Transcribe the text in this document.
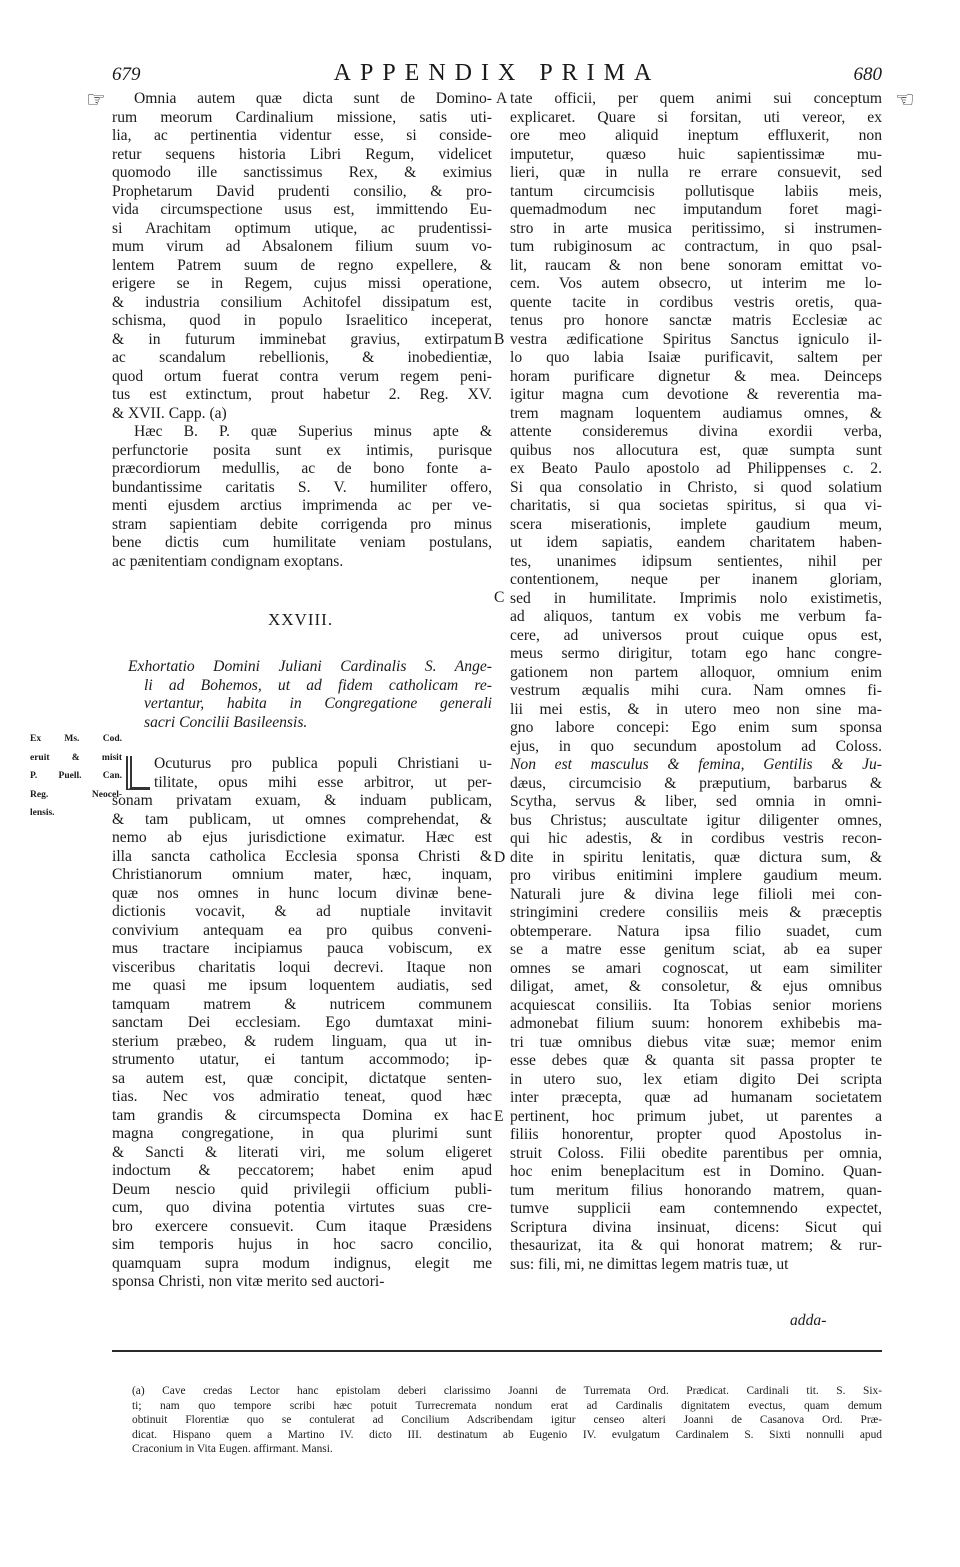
679	APPENDIX PRIMA	680
☞	☞
Omnia autem quæ dicta sunt de Domino-
rum meorum Cardinalium missione, satis uti-
lia, ac pertinentia videntur esse, si conside-
retur sequens historia Libri Regum, videlicet
quomodo ille sanctissimus Rex, & eximius
Prophetarum David prudenti consilio, & pro-
vida circumspectione usus est, immittendo Eu-
si Arachitam optimum utique, ac prudentissi-
mum virum ad Absalonem filium suum vo-
lentem Patrem suum de regno expellere, &
erigere se in Regem, cujus missi operatione,
& industria consilium Achitofel dissipatum est,
schisma, quod in populo Israelitico inceperat,
& in futurum imminebat gravius, extirpatum
ac scandalum rebellionis, & inobedientiæ,
quod ortum fuerat contra verum regem peni-
tus est extinctum, prout habetur 2. Reg. XV.
& XVII. Capp. (a)
Hæc B. P. quæ Superius minus apte &
perfunctorie posita sunt ex intimis, purisque
præcordiorum medullis, ac de bono fonte a-
bundantissime caritatis S. V. humiliter offero,
menti ejusdem arctius imprimenda ac per ve-
stram sapientiam debite corrigenda pro minus
bene dictis cum humilitate veniam postulans,
ac pænitentiam condignam exoptans.
XXVIII.
Exhortatio Domini Juliani Cardinalis S. Ange-
li ad Bohemos, ut ad fidem catholicam re-
vertantur, habita in Congregatione generali
sacri Concilii Basileensis.
Ex Ms. Cod.
eruit & misit
P. Puell. Can.
Reg. Neocel-
lensis.
Ocuturus pro publica populi Christiani u-
tilitate, opus mihi esse arbitror, ut per-
sonam privatam exuam, & induam publicam,
& tam publicam, ut omnes comprehendat, &
nemo ab ejus jurisdictione eximatur. Hæc est
illa sancta catholica Ecclesia sponsa Christi &
Christianorum omnium mater, hæc, inquam,
quæ nos omnes in hunc locum divinæ bene-
dictionis vocavit, & ad nuptiale invitavit
convivium antequam ea pro quibus conveni-
mus tractare incipiamus pauca vobiscum, ex
visceribus charitatis loqui decrevi. Itaque non
me quasi me ipsum loquentem audiatis, sed
tamquam matrem & nutricem communem
sanctam Dei ecclesiam. Ego dumtaxat mini-
sterium præbeo, & rudem linguam, qua ut in-
strumento utatur, ei tantum accommodo; ip-
sa autem est, quæ concipit, dictatque senten-
tias. Nec vos admiratio teneat, quod hæc
tam grandis & circumspecta Domina ex hac
magna congregatione, in qua plurimi sunt
& Sancti & literati viri, me solum eligeret
indoctum & peccatorem; habet enim apud
Deum nescio quid privilegii officium publi-
cum, quo divina potentia virtutes suas cre-
bro exercere consuevit. Cum itaque Præsidens
sim temporis hujus in hoc sacro concilio,
quamquam supra modum indignus, elegit me
sponsa Christi, non vitæ merito sed auctori-
tate officii, per quem animi sui conceptum
explicaret. Quare si forsitan, uti vereor, ex
ore meo aliquid ineptum effluxerit, non
imputetur, quæso huic sapientissimæ mu-
lieri, quæ in nulla re errare consuevit, sed
tantum circumcisis pollutisque labiis meis,
quemadmodum nec imputandum foret magi-
stro in arte musica peritissimo, si instrumen-
tum rubiginosum ac contractum, in quo psal-
lit, raucam & non bene sonoram emittat vo-
cem. Vos autem obsecro, ut interim me lo-
quente tacite in cordibus vestris oretis, qua-
tenus pro honore sanctæ matris Ecclesiæ ac
vestra ædificatione Spiritus Sanctus igniculo il-
lo quo labia Isaiæ purificavit, saltem per
horam purificare dignetur & mea. Deinceps
igitur magna cum devotione & reverentia ma-
trem magnam loquentem audiamus omnes, &
attente consideremus divina exordii verba,
quibus nos allocutura est, quæ sumpta sunt
ex Beato Paulo apostolo ad Philippenses c. 2.
Si qua consolatio in Christo, si quod solatium
charitatis, si qua societas spiritus, si qua vi-
scera miserationis, implete gaudium meum,
ut idem sapiatis, eandem charitatem haben-
tes, unanimes idipsum sentientes, nihil per
contentionem, neque per inanem gloriam,
sed in humilitate. Imprimis nolo existimetis,
ad aliquos, tantum ex vobis me verbum fa-
cere, ad universos prout cuique opus est,
meus sermo dirigitur, totam ego hanc congre-
gationem non partem alloquor, omnium enim
vestrum æqualis mihi cura. Nam omnes fi-
lii mei estis, & in utero meo non sine ma-
gno labore concepi: Ego enim sum sponsa
ejus, in quo secundum apostolum ad Coloss.
Non est masculus & femina, Gentilis & Ju-
dæus, circumcisio & præputium, barbarus &
Scytha, servus & liber, sed omnia in omni-
bus Christus; auscultate igitur diligenter omnes,
qui hic adestis, & in cordibus vestris recon-
dite in spiritu lenitatis, quæ dictura sum, &
pro viribus enitimini implere gaudium meum.
Naturali jure & divina lege filioli mei con-
stringimini credere consiliis meis & præceptis
obtemperare. Natura ipsa filio suadet, cum
se a matre esse genitum sciat, ab ea super
omnes se amari cognoscat, ut eam similiter
diligat, amet, & consoletur, & ejus omnibus
acquiescat consiliis. Ita Tobias senior moriens
admonebat filium suum: honorem exhibebis ma-
tri tuæ omnibus diebus vitæ suæ; memor enim
esse debes quæ & quanta sit passa propter te
in utero suo, lex etiam digito Dei scripta
inter præcepta, quæ ad humanam societatem
pertinent, hoc primum jubet, ut parentes a
filiis honorentur, propter quod Apostolus in-
struit Coloss. Filii obedite parentibus per omnia,
hoc enim beneplacitum est in Domino. Quan-
tum meritum filius honorando matrem, quan-
tumve supplicii eam contemnendo expectet,
Scriptura divina insinuat, dicens: Sicut qui
thesaurizat, ita & qui honorat matrem; & rur-
sus: fili, mi, ne dimittas legem matris tuæ, ut
A
B
C
D
E
adda-
(a) Cave credas Lector hanc epistolam deberi clarissimo Joanni de Turremata Ord. Prædicat. Cardinali tit. S. Six-
ti; nam quo tempore scribi hæc potuit Turrecremata nondum erat ad Cardinalis dignitatem evectus, quam demum
obtinuit Florentiæ quo se contulerat ad Concilium Adscribendam igitur censeo alteri Joanni de Casanova Ord. Præ-
dicat. Hispano quem a Martino IV. dicto III. destinatum ab Eugenio IV. evulgatum Cardinalem S. Sixti nonnulli apud
Craconium in Vita Eugen. affirmant. Mansi.
